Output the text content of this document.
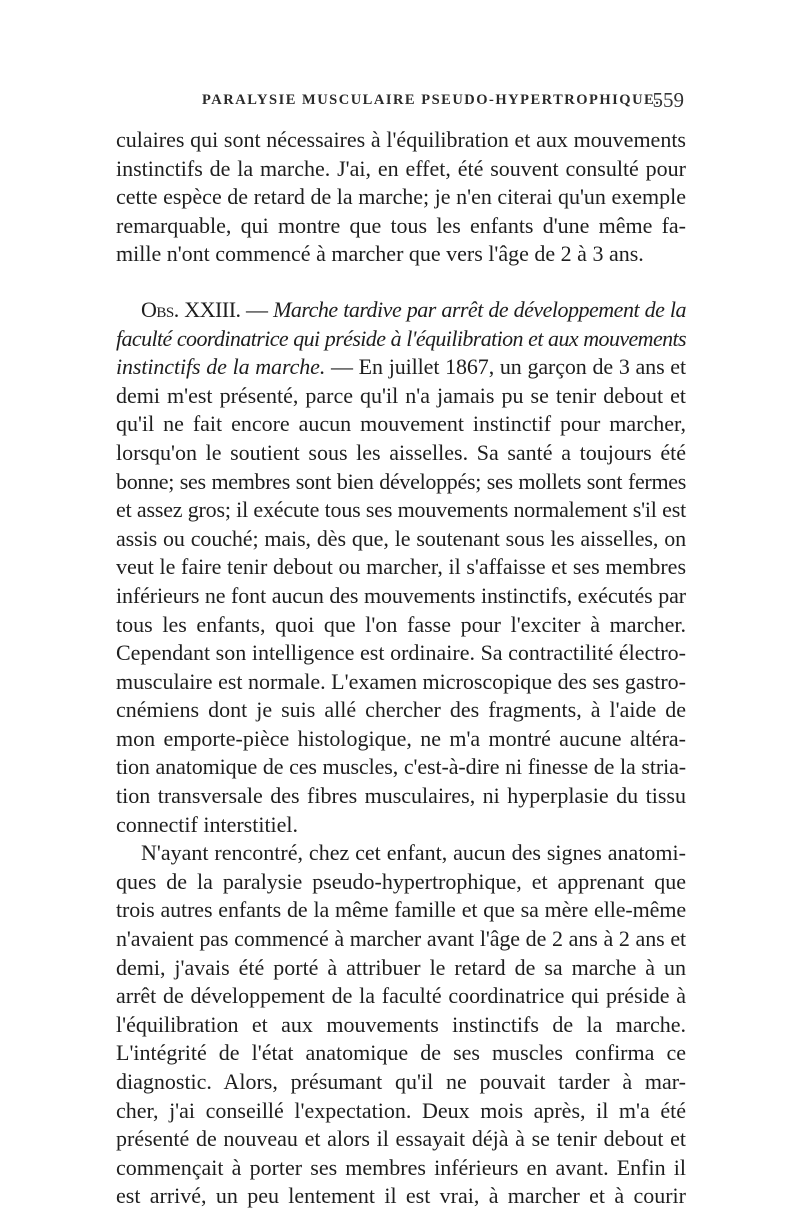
PARALYSIE MUSCULAIRE PSEUDO-HYPERTROPHIQUE.
559
culaires qui sont nécessaires à l'équilibration et aux mouvements
instinctifs de la marche. J'ai, en effet, été souvent consulté pour
cette espèce de retard de la marche; je n'en citerai qu'un exemple
remarquable, qui montre que tous les enfants d'une même fa-
mille n'ont commencé à marcher que vers l'âge de 2 à 3 ans.
Obs. XXIII. — Marche tardive par arrêt de développement de la
faculté coordinatrice qui préside à l'équilibration et aux mouvements
instinctifs de la marche. — En juillet 1867, un garçon de 3 ans et
demi m'est présenté, parce qu'il n'a jamais pu se tenir debout et
qu'il ne fait encore aucun mouvement instinctif pour marcher,
lorsqu'on le soutient sous les aisselles. Sa santé a toujours été
bonne; ses membres sont bien développés; ses mollets sont fermes
et assez gros; il exécute tous ses mouvements normalement s'il est
assis ou couché; mais, dès que, le soutenant sous les aisselles, on
veut le faire tenir debout ou marcher, il s'affaisse et ses membres
inférieurs ne font aucun des mouvements instinctifs, exécutés par
tous les enfants, quoi que l'on fasse pour l'exciter à marcher.
Cependant son intelligence est ordinaire. Sa contractilité électro-
musculaire est normale. L'examen microscopique des ses gastro-
cnémiens dont je suis allé chercher des fragments, à l'aide de
mon emporte-pièce histologique, ne m'a montré aucune altéra-
tion anatomique de ces muscles, c'est-à-dire ni finesse de la stria-
tion transversale des fibres musculaires, ni hyperplasie du tissu
connectif interstitiel.
N'ayant rencontré, chez cet enfant, aucun des signes anatomi-
ques de la paralysie pseudo-hypertrophique, et apprenant que
trois autres enfants de la même famille et que sa mère elle-même
n'avaient pas commencé à marcher avant l'âge de 2 ans à 2 ans et
demi, j'avais été porté à attribuer le retard de sa marche à un
arrêt de développement de la faculté coordinatrice qui préside à
l'équilibration et aux mouvements instinctifs de la marche.
L'intégrité de l'état anatomique de ses muscles confirma ce
diagnostic. Alors, présumant qu'il ne pouvait tarder à mar-
cher, j'ai conseillé l'expectation. Deux mois après, il m'a été
présenté de nouveau et alors il essayait déjà à se tenir debout et
commençait à porter ses membres inférieurs en avant. Enfin il
est arrivé, un peu lentement il est vrai, à marcher et à courir
